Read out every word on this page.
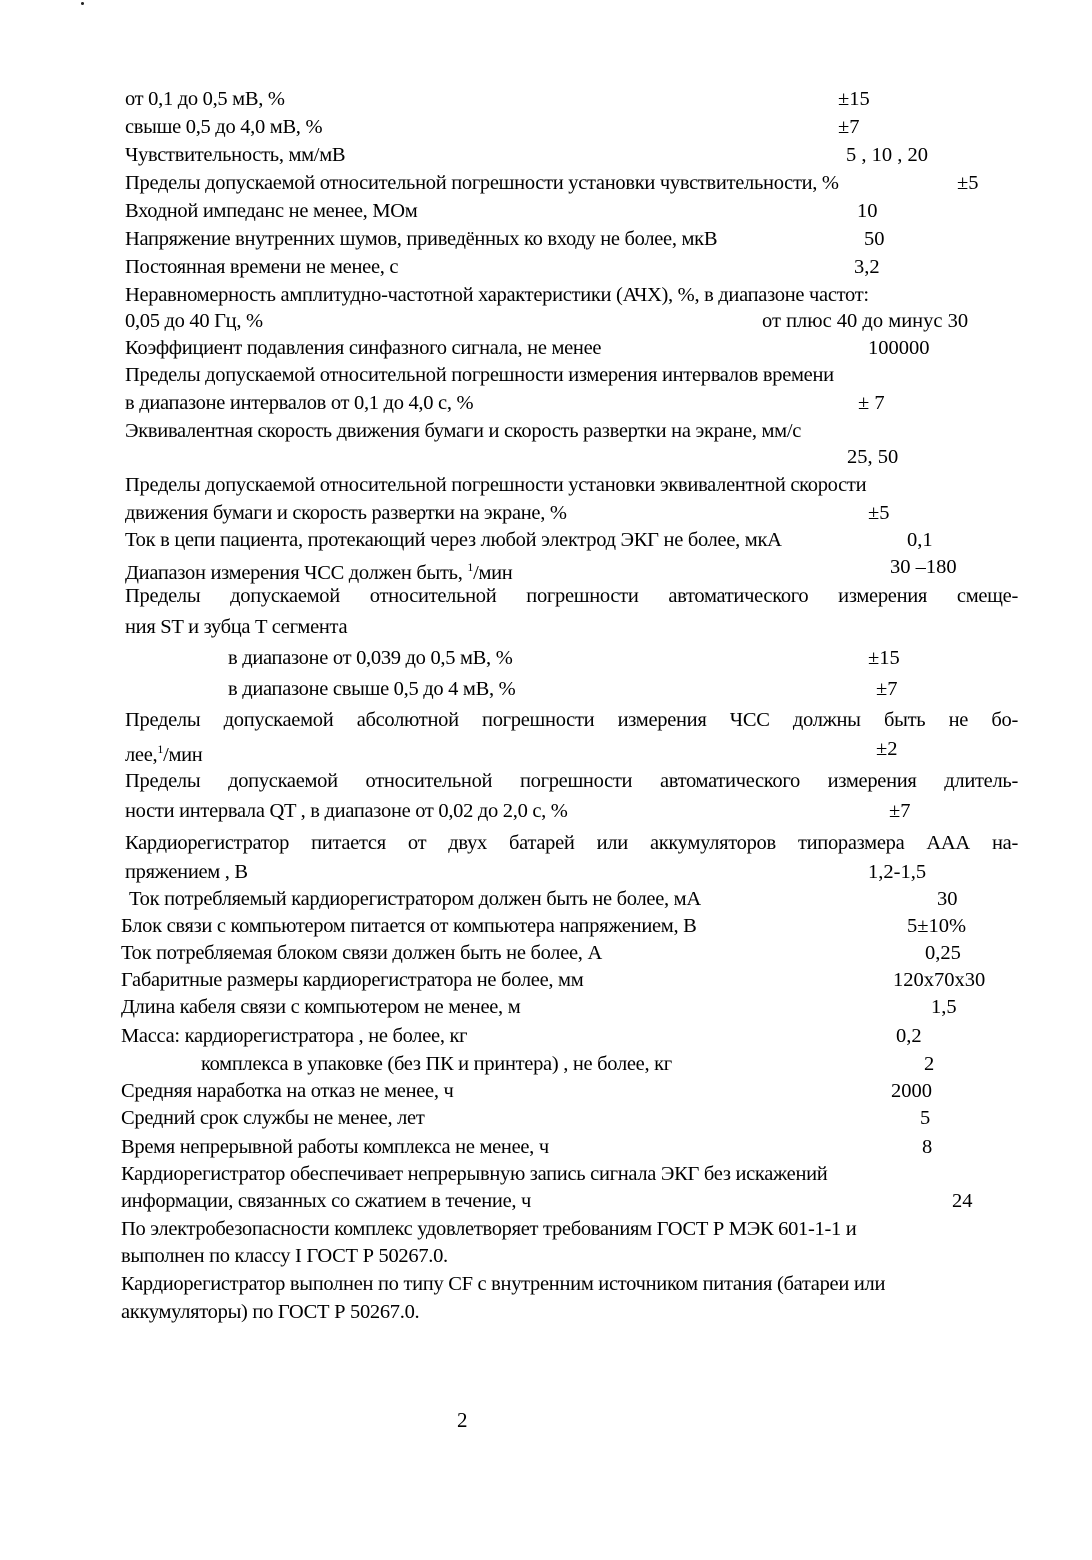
от 0,1 до 0,5 мВ, %	±15
свыше 0,5 до 4,0 мВ, %	±7
Чувствительность, мм/мВ	5 , 10 , 20
Пределы допускаемой относительной погрешности установки чувствительности, %	±5
Входной импеданс не менее, МОм	10
Напряжение внутренних шумов, приведённых ко входу не более, мкВ	50
Постоянная времени не менее, с	3,2
Неравномерность амплитудно-частотной характеристики (АЧХ), %, в диапазоне частот:
0,05 до 40 Гц, %	от плюс 40 до минус 30
Коэффициент подавления синфазного сигнала, не менее	100000
Пределы допускаемой относительной погрешности измерения интервалов времени
в диапазоне интервалов от 0,1 до 4,0 с, %	± 7
Эквивалентная скорость движения бумаги и скорость развертки на экране, мм/с
25, 50
Пределы допускаемой относительной погрешности установки эквивалентной скорости
движения бумаги и скорость развертки на экране, %	±5
Ток в цепи пациента, протекающий через любой электрод ЭКГ не более, мкА	0,1
Диапазон измерения ЧСС должен быть, $^1$/мин	30 –180
Пределы допускаемой относительной погрешности автоматического измерения смеще-
ния ST и зубца T сегмента
в диапазоне от 0,039 до 0,5 мВ, %	±15
в диапазоне свыше 0,5 до 4 мВ, %	±7
Пределы допускаемой абсолютной погрешности измерения ЧСС должны быть не бо-
лее,$^1$/мин	±2
Пределы допускаемой относительной погрешности автоматического измерения длитель-
ности интервала QT , в диапазоне от 0,02 до 2,0 с, %	±7
Кардиорегистратор питается от двух батарей или аккумуляторов типоразмера ААА на-
пряжением , В	1,2-1,5
Ток потребляемый кардиорегистратором должен быть не более, мА	30
Блок связи с компьютером питается от компьютера напряжением, В	5±10%
Ток потребляемая блоком связи должен быть не более, А	0,25
Габаритные размеры кардиорегистратора не более, мм	120x70x30
Длина кабеля связи с компьютером не менее, м	1,5
Масса: кардиорегистратора , не более, кг	0,2
комплекса в упаковке (без ПК и принтера) , не более, кг	2
Средняя наработка на отказ не менее, ч	2000
Средний срок службы не менее, лет	5
Время непрерывной работы комплекса не менее, ч	8
Кардиорегистратор обеспечивает непрерывную запись сигнала ЭКГ без искажений
информации, связанных со сжатием в течение, ч	24
По электробезопасности комплекс удовлетворяет требованиям ГОСТ Р МЭК 601-1-1 и
выполнен по классу I ГОСТ Р 50267.0.
Кардиорегистратор выполнен по типу CF с внутренним источником питания (батареи или
аккумуляторы) по ГОСТ Р 50267.0.
2
